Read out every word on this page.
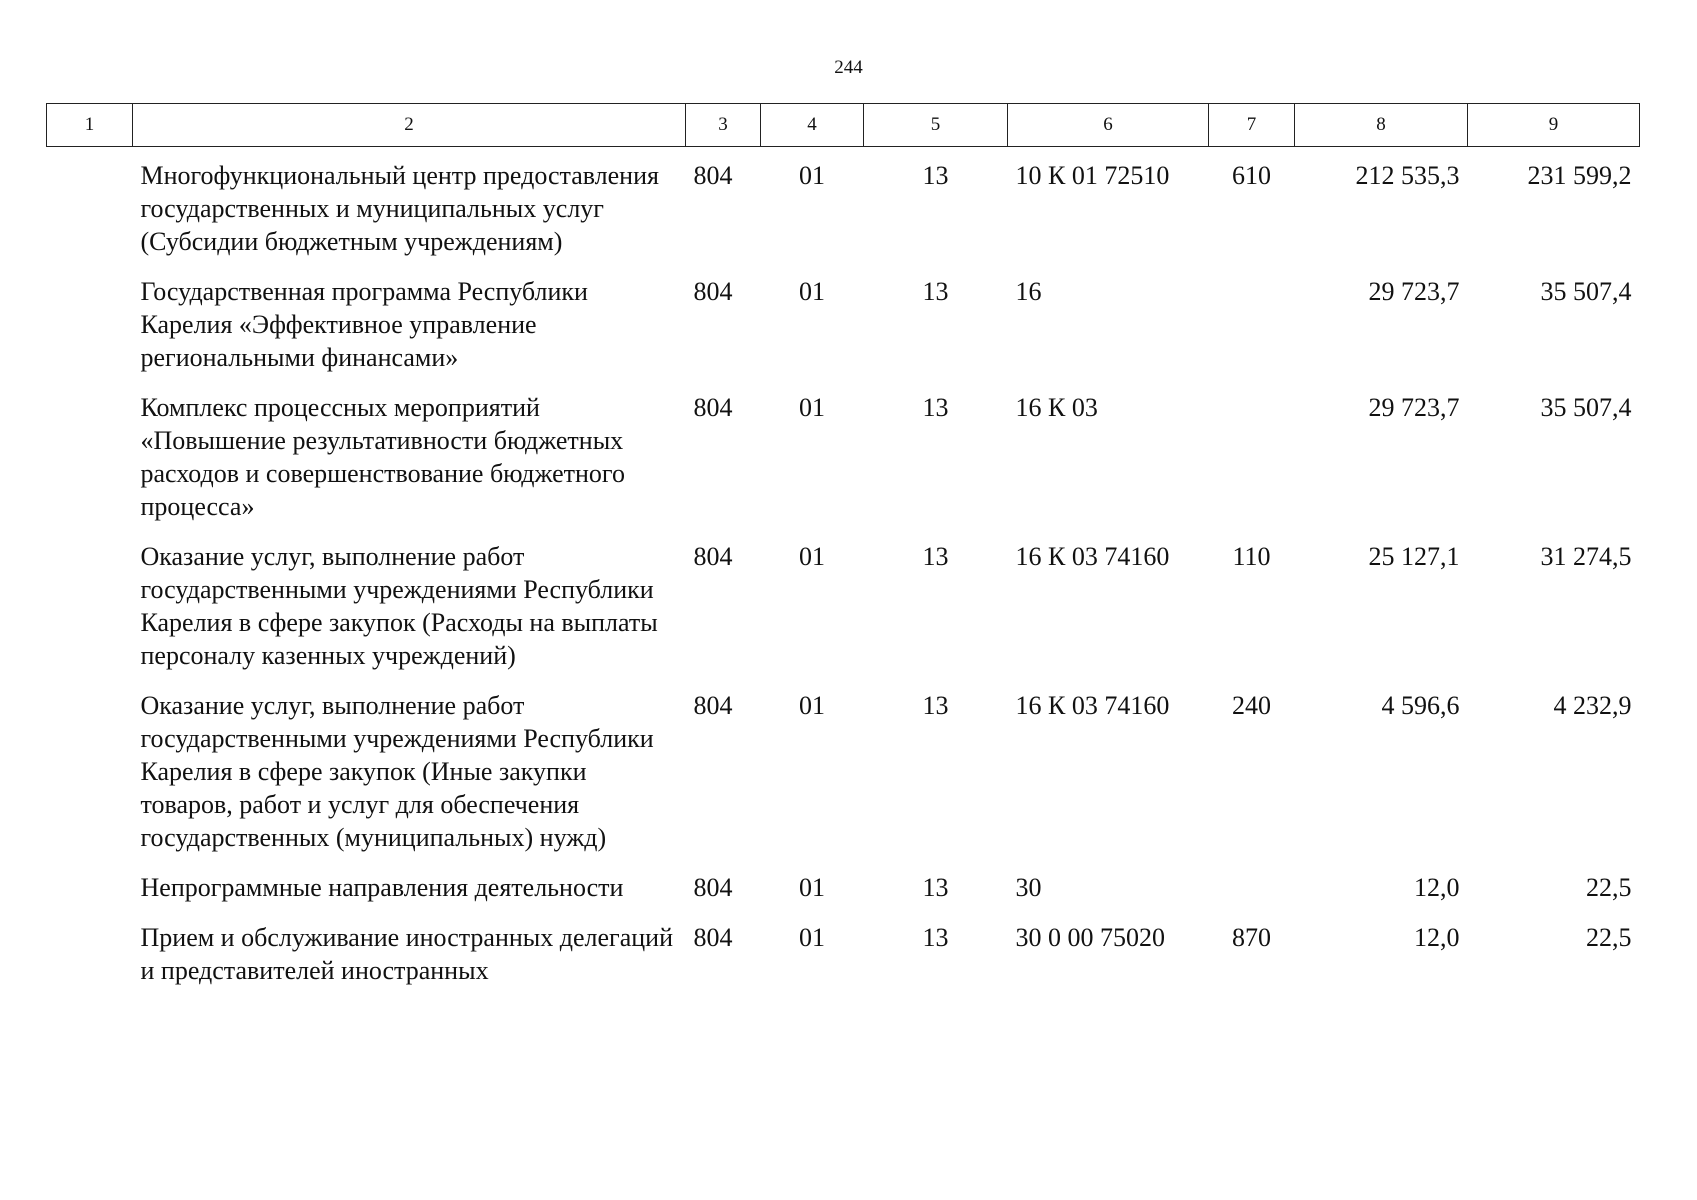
244
1	2	3	4	5	6	7	8	9
	Многофункциональный центр предоставления государственных и муниципальных услуг (Субсидии бюджетным учреждениям)	804	01	13	10 К 01 72510	610	212 535,3	231 599,2
	Государственная программа Республики Карелия «Эффективное управление региональными финансами»	804	01	13	16		29 723,7	35 507,4
	Комплекс процессных мероприятий «Повышение результативности бюджетных расходов и совершенствование бюджетного процесса»	804	01	13	16 К 03		29 723,7	35 507,4
	Оказание услуг, выполнение работ государственными учреждениями Республики Карелия в сфере закупок (Расходы на выплаты персоналу казенных учреждений)	804	01	13	16 К 03 74160	110	25 127,1	31 274,5
	Оказание услуг, выполнение работ государственными учреждениями Республики Карелия в сфере закупок (Иные закупки товаров, работ и услуг для обеспечения государственных (муниципальных) нужд)	804	01	13	16 К 03 74160	240	4 596,6	4 232,9
	Непрограммные направления деятельности	804	01	13	30		12,0	22,5
	Прием и обслуживание иностранных делегаций и представителей иностранных	804	01	13	30 0 00 75020	870	12,0	22,5
